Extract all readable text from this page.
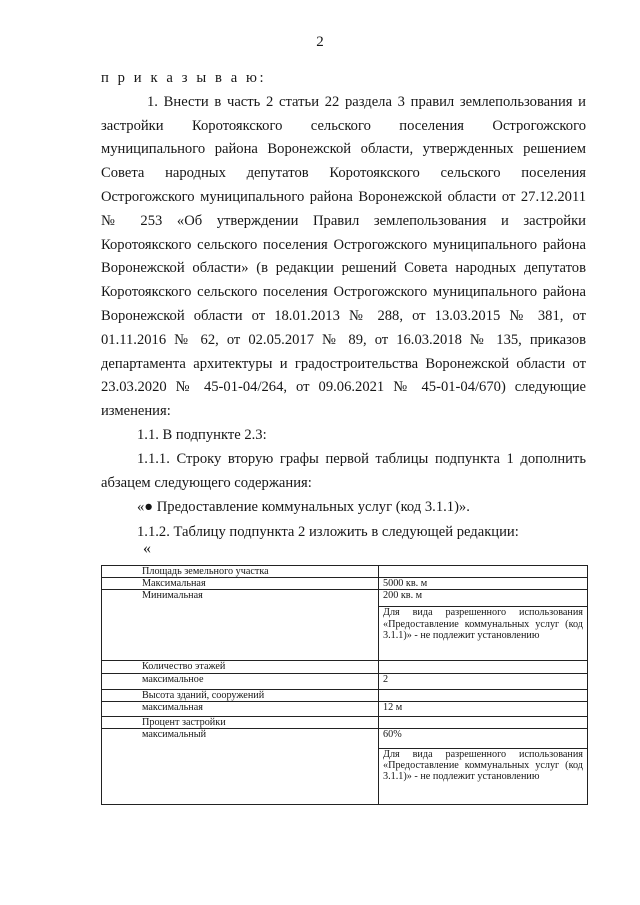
2

п р и к а з ы в а ю:

1. Внести в часть 2 статьи 22 раздела 3 правил землепользования и застройки Коротоякского сельского поселения Острогожского муниципального района Воронежской области, утвержденных решением Совета народных депутатов Коротоякского сельского поселения Острогожского муниципального района Воронежской области от 27.12.2011 № 253 «Об утверждении Правил землепользования и застройки Коротоякского сельского поселения Острогожского муниципального района Воронежской области» (в редакции решений Совета народных депутатов Коротоякского сельского поселения Острогожского муниципального района Воронежской области от 18.01.2013 № 288, от 13.03.2015 № 381, от 01.11.2016 № 62, от 02.05.2017 № 89, от 16.03.2018 № 135, приказов департамента архитектуры и градостроительства Воронежской области от 23.03.2020 № 45-01-04/264, от 09.06.2021 № 45-01-04/670) следующие изменения:

1.1. В подпункте 2.3:

1.1.1. Строку вторую графы первой таблицы подпункта 1 дополнить абзацем следующего содержания:

«● Предоставление коммунальных услуг (код 3.1.1)».

1.1.2. Таблицу подпункта 2 изложить в следующей редакции:

«
Площадь земельного участка	
Максимальная	5000 кв. м
Минимальная	200 кв. м

	Для вида разрешенного использования «Предоставление коммунальных услуг (код 3.1.1)» - не подлежит установлению

Количество этажей	
максимальное	2
Высота зданий, сооружений	
максимальная	12 м
Процент застройки	
максимальный	60%

	Для вида разрешенного использования «Предоставление коммунальных услуг (код 3.1.1)» - не подлежит установлению
